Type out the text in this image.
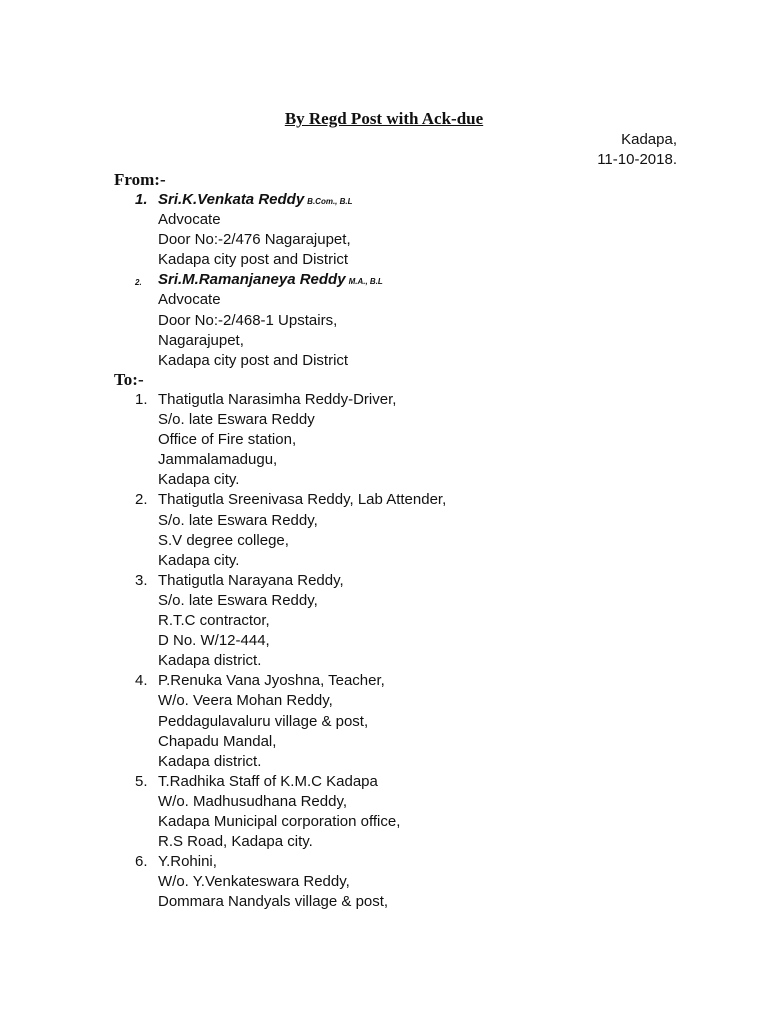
By Regd Post with Ack-due
Kadapa,
11-10-2018.
From:-
1. Sri.K.Venkata Reddy B.Com., B.L
Advocate
Door No:-2/476 Nagarajupet,
Kadapa city post and District
2. Sri.M.Ramanjaneya Reddy M.A., B.L
Advocate
Door No:-2/468-1 Upstairs,
Nagarajupet,
Kadapa city post and District
To:-
1. Thatigutla Narasimha Reddy-Driver,
S/o. late Eswara Reddy
Office of Fire station,
Jammalamadugu,
Kadapa city.
2. Thatigutla Sreenivasa Reddy, Lab Attender,
S/o. late Eswara Reddy,
S.V degree college,
Kadapa city.
3. Thatigutla Narayana Reddy,
S/o. late Eswara Reddy,
R.T.C contractor,
D No. W/12-444,
Kadapa district.
4. P.Renuka Vana Jyoshna, Teacher,
W/o. Veera Mohan Reddy,
Peddagulavaluru village & post,
Chapadu Mandal,
Kadapa district.
5. T.Radhika Staff of K.M.C Kadapa
W/o. Madhusudhana Reddy,
Kadapa Municipal corporation office,
R.S Road, Kadapa city.
6. Y.Rohini,
W/o. Y.Venkateswara Reddy,
Dommara Nandyals village & post,
